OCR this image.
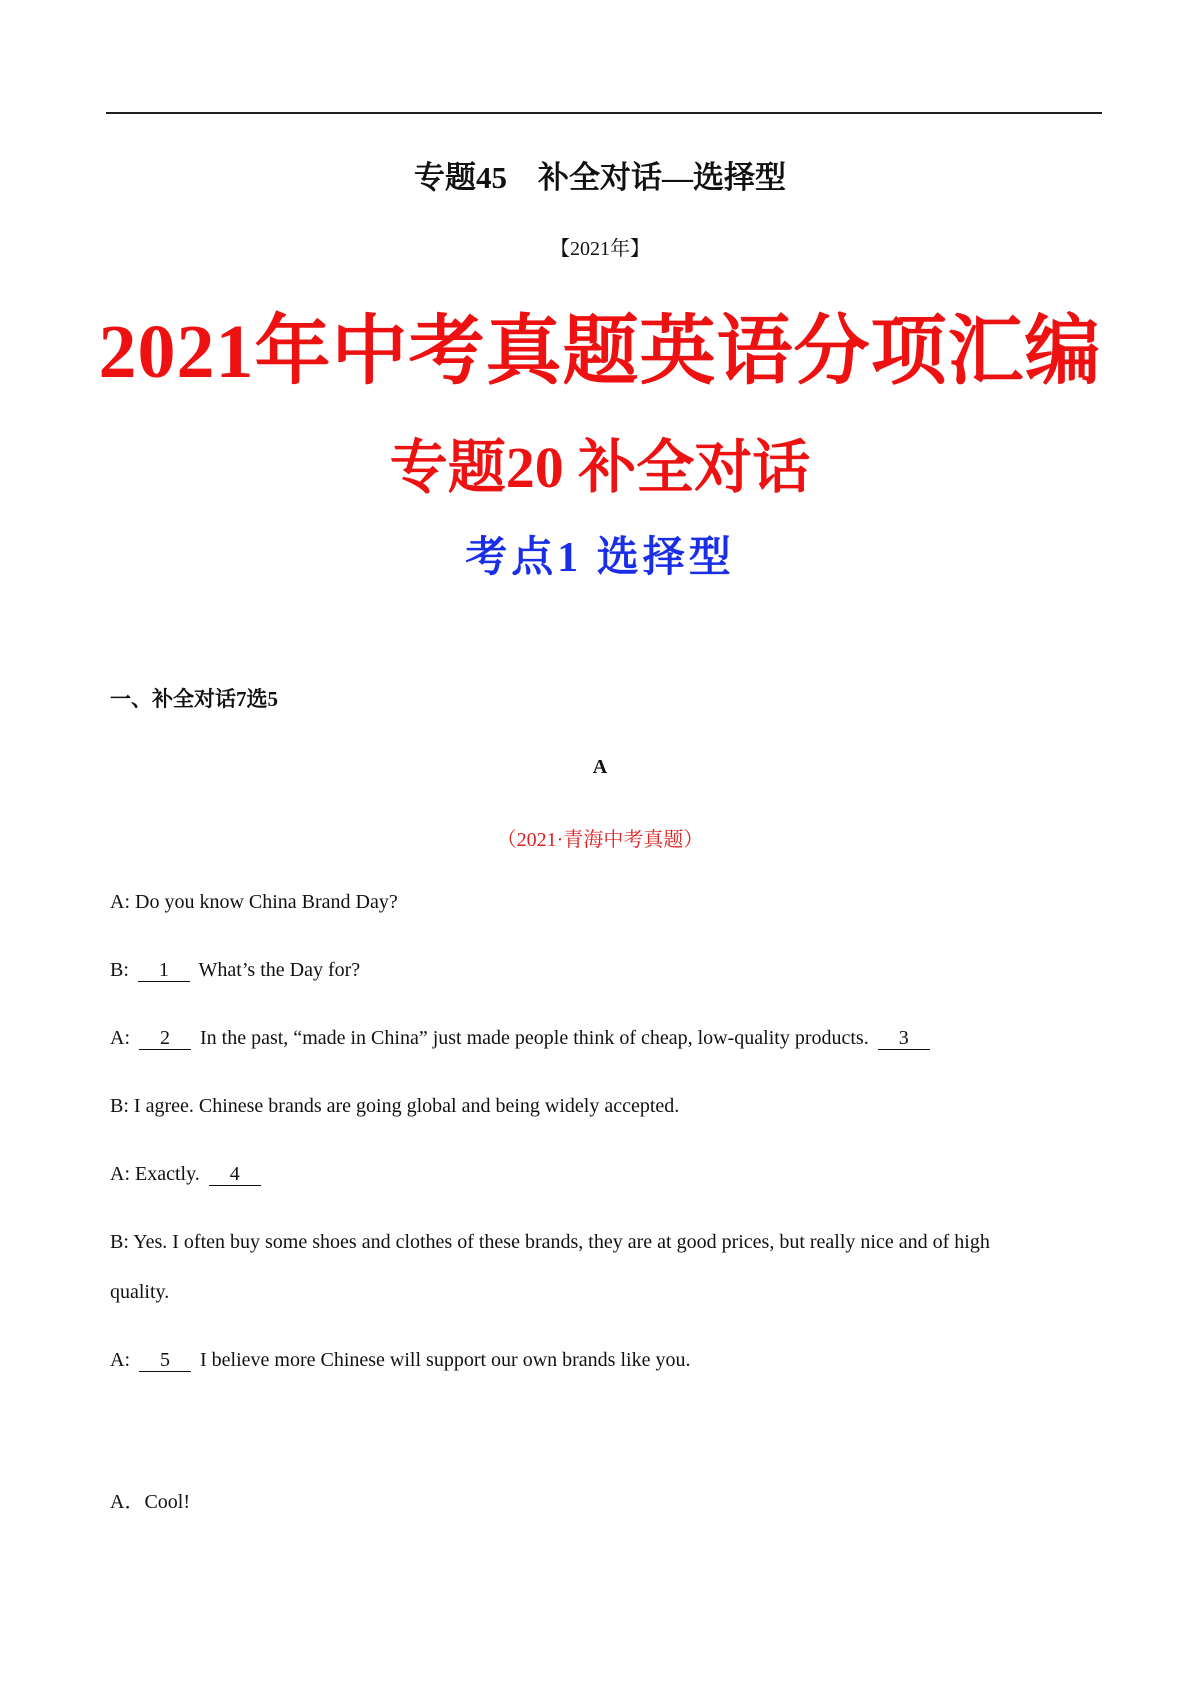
专题45　补全对话—选择型
【2021年】
2021年中考真题英语分项汇编
专题20 补全对话
考点1 选择型
一、补全对话7选5
A
（2021·青海中考真题）
A: Do you know China Brand Day?
B: 1 What’s the Day for?
A: 2 In the past, “made in China” just made people think of cheap, low-quality products. 3
B: I agree. Chinese brands are going global and being widely accepted.
A: Exactly. 4
B: Yes. I often buy some shoes and clothes of these brands, they are at good prices, but really nice and of high
quality.
A: 5 I believe more Chinese will support our own brands like you.
A．Cool!
